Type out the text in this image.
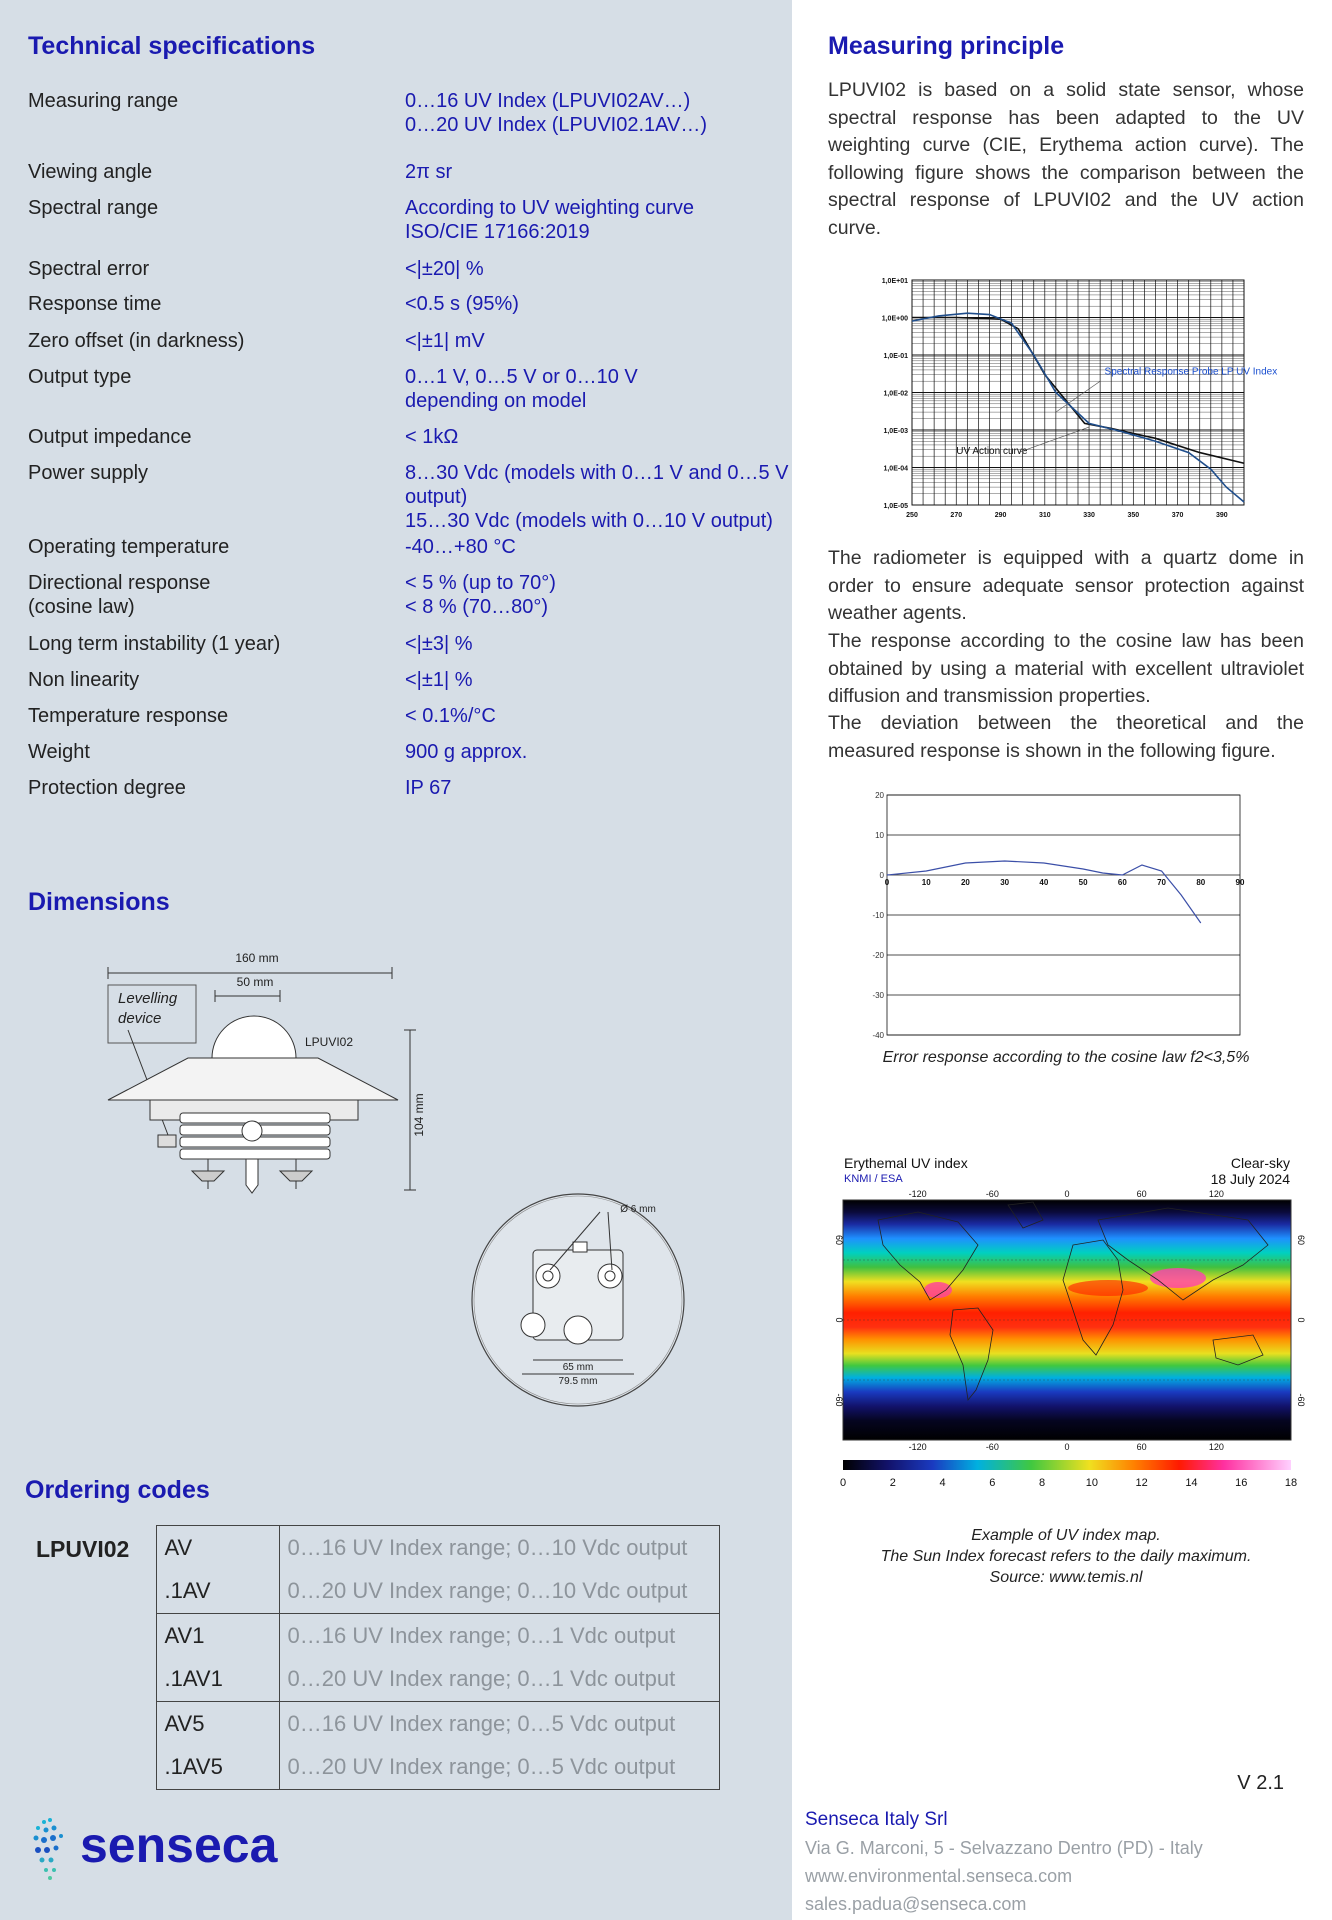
Technical specifications
Measuring range	0…16 UV Index (LPUVI02AV…)
0…20 UV Index (LPUVI02.1AV…)
Viewing angle	2π sr
Spectral range	According to UV weighting curve
ISO/CIE 17166:2019
Spectral error	<|±20| %
Response time	<0.5 s (95%)
Zero offset (in darkness)	<|±1| mV
Output type	0…1 V, 0…5 V or 0…10 V
depending on model
Output impedance	< 1kΩ
Power supply	8…30 Vdc (models with 0…1 V and 0…5 V
output)
15…30 Vdc (models with 0…10 V output)
Operating temperature	-40…+80 °C
Directional response
(cosine law)
< 5 % (up to 70°)
< 8 % (70…80°)
Long term instability (1 year)	<|±3| %
Non linearity	<|±1| %
Temperature response	< 0.1%/°C
Weight	900 g approx.
Protection degree	IP 67
Dimensions
160 mm
50 mm
Levelling
device
LPUVI02
104 mm
Ø 6 mm
65 mm
79.5 mm
Ordering codes
LPUVI02	AV	0…16 UV Index range; 0…10 Vdc output
	.1AV	0…20 UV Index range; 0…10 Vdc output
	AV1	0…16 UV Index range; 0…1 Vdc output
	.1AV1	0…20 UV Index range; 0…1 Vdc output
	AV5	0…16 UV Index range; 0…5 Vdc output
	.1AV5	0…20 UV Index range; 0…5 Vdc output
senseca
Measuring principle
LPUVI02 is based on a solid state sensor, whose spectral response has been adapted to the UV weighting curve (CIE, Erythema action curve). The following figure shows the comparison between the spectral response of LPUVI02 and the UV action curve.
1,0E+01
1,0E+00
1,0E-01
1,0E-02
1,0E-03
1,0E-04
1,0E-05
250	270	290	310	330	350	370	390
Spectral Response Probe LP UV Index
UV Action curve
The radiometer is equipped with a quartz dome in order to ensure adequate sensor protection against weather agents.
The response according to the cosine law has been obtained by using a material with excellent ultraviolet diffusion and transmission properties.
The deviation between the theoretical and the measured response is shown in the following figure.
20
10
0
-10
-20
-30
-40
0	10	20	30	40	50	60	70	80	90
Error response according to the cosine law f2<3,5%
Erythemal UV index
KNMI / ESA
Clear-sky
18 July 2024
-120
-120
-60
-60
0
0
60
60
120
120
60	60
0	0
-60	-60
0	2	4	6	8	10	12	14	16	18
Example of UV index map.
The Sun Index forecast refers to the daily maximum.
Source: www.temis.nl
V 2.1
Senseca Italy Srl
Via G. Marconi, 5 - Selvazzano Dentro (PD) - Italy
www.environmental.senseca.com
sales.padua@senseca.com
